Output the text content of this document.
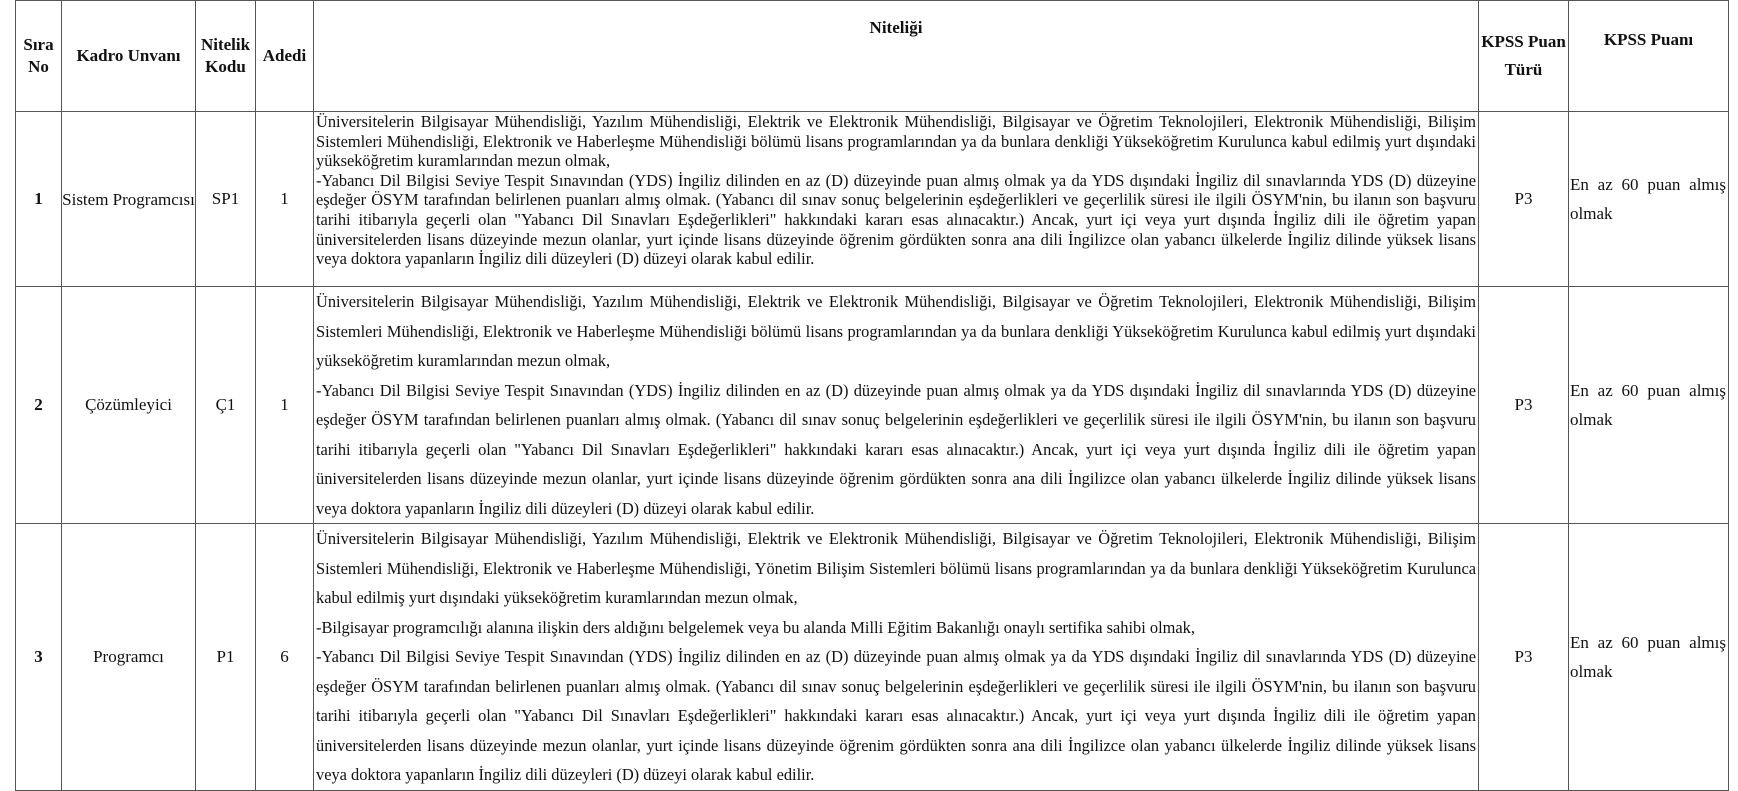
Sıra No	Kadro Unvanı	Nitelik Kodu	Adedi	Niteliği	KPSS Puan Türü	KPSS Puanı
1	Sistem Programcısı	SP1	1	Üniversitelerin Bilgisayar Mühendisliği, Yazılım Mühendisliği, Elektrik ve Elektronik Mühendisliği, Bilgisayar ve Öğretim Teknolojileri, Elektronik Mühendisliği, Bilişim Sistemleri Mühendisliği, Elektronik ve Haberleşme Mühendisliği bölümü lisans programlarından ya da bunlara denkliği Yükseköğretim Kurulunca kabul edilmiş yurt dışındaki yükseköğretim kuramlarından mezun olmak,

-Yabancı Dil Bilgisi Seviye Tespit Sınavından (YDS) İngiliz dilinden en az (D) düzeyinde puan almış olmak ya da YDS dışındaki İngiliz dil sınavlarında YDS (D) düzeyine eşdeğer ÖSYM tarafından belirlenen puanları almış olmak. (Yabancı dil sınav sonuç belgelerinin eşdeğerlikleri ve geçerlilik süresi ile ilgili ÖSYM'nin, bu ilanın son başvuru tarihi itibarıyla geçerli olan "Yabancı Dil Sınavları Eşdeğerlikleri" hakkındaki kararı esas alınacaktır.) Ancak, yurt içi veya yurt dışında İngiliz dili ile öğretim yapan üniversitelerden lisans düzeyinde mezun olanlar, yurt içinde lisans düzeyinde öğrenim gördükten sonra ana dili İngilizce olan yabancı ülkelerde İngiliz dilinde yüksek lisans veya doktora yapanların İngiliz dili düzeyleri (D) düzeyi olarak kabul edilir.	P3	En az 60 puan almış olmak
2	Çözümleyici	Ç1	1	Üniversitelerin Bilgisayar Mühendisliği, Yazılım Mühendisliği, Elektrik ve Elektronik Mühendisliği, Bilgisayar ve Öğretim Teknolojileri, Elektronik Mühendisliği, Bilişim Sistemleri Mühendisliği, Elektronik ve Haberleşme Mühendisliği bölümü lisans programlarından ya da bunlara denkliği Yükseköğretim Kurulunca kabul edilmiş yurt dışındaki yükseköğretim kuramlarından mezun olmak,

-Yabancı Dil Bilgisi Seviye Tespit Sınavından (YDS) İngiliz dilinden en az (D) düzeyinde puan almış olmak ya da YDS dışındaki İngiliz dil sınavlarında YDS (D) düzeyine eşdeğer ÖSYM tarafından belirlenen puanları almış olmak. (Yabancı dil sınav sonuç belgelerinin eşdeğerlikleri ve geçerlilik süresi ile ilgili ÖSYM'nin, bu ilanın son başvuru tarihi itibarıyla geçerli olan "Yabancı Dil Sınavları Eşdeğerlikleri" hakkındaki kararı esas alınacaktır.) Ancak, yurt içi veya yurt dışında İngiliz dili ile öğretim yapan üniversitelerden lisans düzeyinde mezun olanlar, yurt içinde lisans düzeyinde öğrenim gördükten sonra ana dili İngilizce olan yabancı ülkelerde İngiliz dilinde yüksek lisans veya doktora yapanların İngiliz dili düzeyleri (D) düzeyi olarak kabul edilir.	P3	En az 60 puan almış olmak
3	Programcı	P1	6	Üniversitelerin Bilgisayar Mühendisliği, Yazılım Mühendisliği, Elektrik ve Elektronik Mühendisliği, Bilgisayar ve Öğretim Teknolojileri, Elektronik Mühendisliği, Bilişim Sistemleri Mühendisliği, Elektronik ve Haberleşme Mühendisliği, Yönetim Bilişim Sistemleri bölümü lisans programlarından ya da bunlara denkliği Yükseköğretim Kurulunca kabul edilmiş yurt dışındaki yükseköğretim kuramlarından mezun olmak,

-Bilgisayar programcılığı alanına ilişkin ders aldığını belgelemek veya bu alanda Milli Eğitim Bakanlığı onaylı sertifika sahibi olmak,

-Yabancı Dil Bilgisi Seviye Tespit Sınavından (YDS) İngiliz dilinden en az (D) düzeyinde puan almış olmak ya da YDS dışındaki İngiliz dil sınavlarında YDS (D) düzeyine eşdeğer ÖSYM tarafından belirlenen puanları almış olmak. (Yabancı dil sınav sonuç belgelerinin eşdeğerlikleri ve geçerlilik süresi ile ilgili ÖSYM'nin, bu ilanın son başvuru tarihi itibarıyla geçerli olan "Yabancı Dil Sınavları Eşdeğerlikleri" hakkındaki kararı esas alınacaktır.) Ancak, yurt içi veya yurt dışında İngiliz dili ile öğretim yapan üniversitelerden lisans düzeyinde mezun olanlar, yurt içinde lisans düzeyinde öğrenim gördükten sonra ana dili İngilizce olan yabancı ülkelerde İngiliz dilinde yüksek lisans veya doktora yapanların İngiliz dili düzeyleri (D) düzeyi olarak kabul edilir.	P3	En az 60 puan almış olmak
